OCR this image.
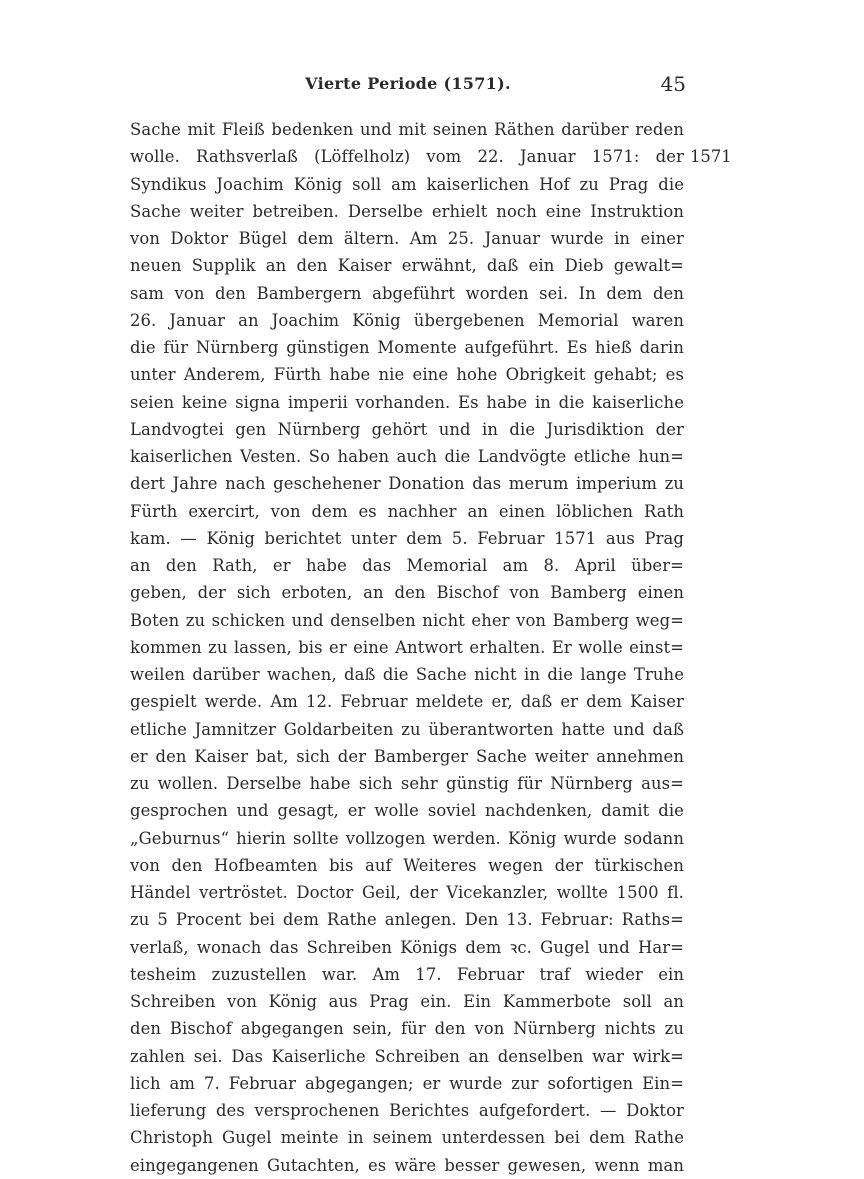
Vierte Periode (1571).	45
1571
Sache mit Fleiß bedenken und mit seinen Räthen darüber reden
wolle. Rathsverlaß (Löffelholz) vom 22. Januar 1571: der
Syndikus Joachim König soll am kaiserlichen Hof zu Prag die
Sache weiter betreiben. Derselbe erhielt noch eine Instruktion
von Doktor Bügel dem ältern. Am 25. Januar wurde in einer
neuen Supplik an den Kaiser erwähnt, daß ein Dieb gewalt=
sam von den Bambergern abgeführt worden sei. In dem den
26. Januar an Joachim König übergebenen Memorial waren
die für Nürnberg günstigen Momente aufgeführt. Es hieß darin
unter Anderem, Fürth habe nie eine hohe Obrigkeit gehabt; es
seien keine signa imperii vorhanden. Es habe in die kaiserliche
Landvogtei gen Nürnberg gehört und in die Jurisdiktion der
kaiserlichen Vesten. So haben auch die Landvögte etliche hun=
dert Jahre nach geschehener Donation das merum imperium zu
Fürth exercirt, von dem es nachher an einen löblichen Rath
kam. — König berichtet unter dem 5. Februar 1571 aus Prag
an den Rath, er habe das Memorial am 8. April über=
geben, der sich erboten, an den Bischof von Bamberg einen
Boten zu schicken und denselben nicht eher von Bamberg weg=
kommen zu lassen, bis er eine Antwort erhalten. Er wolle einst=
weilen darüber wachen, daß die Sache nicht in die lange Truhe
gespielt werde. Am 12. Februar meldete er, daß er dem Kaiser
etliche Jamnitzer Goldarbeiten zu überantworten hatte und daß
er den Kaiser bat, sich der Bamberger Sache weiter annehmen
zu wollen. Derselbe habe sich sehr günstig für Nürnberg aus=
gesprochen und gesagt, er wolle soviel nachdenken, damit die
„Geburnus“ hierin sollte vollzogen werden. König wurde sodann
von den Hofbeamten bis auf Weiteres wegen der türkischen
Händel vertröstet. Doctor Geil, der Vicekanzler, wollte 1500 fl.
zu 5 Procent bei dem Rathe anlegen. Den 13. Februar: Raths=
verlaß, wonach das Schreiben Königs dem ꝛc. Gugel und Har=
tesheim zuzustellen war. Am 17. Februar traf wieder ein
Schreiben von König aus Prag ein. Ein Kammerbote soll an
den Bischof abgegangen sein, für den von Nürnberg nichts zu
zahlen sei. Das Kaiserliche Schreiben an denselben war wirk=
lich am 7. Februar abgegangen; er wurde zur sofortigen Ein=
lieferung des versprochenen Berichtes aufgefordert. — Doktor
Christoph Gugel meinte in seinem unterdessen bei dem Rathe
eingegangenen Gutachten, es wäre besser gewesen, wenn man
